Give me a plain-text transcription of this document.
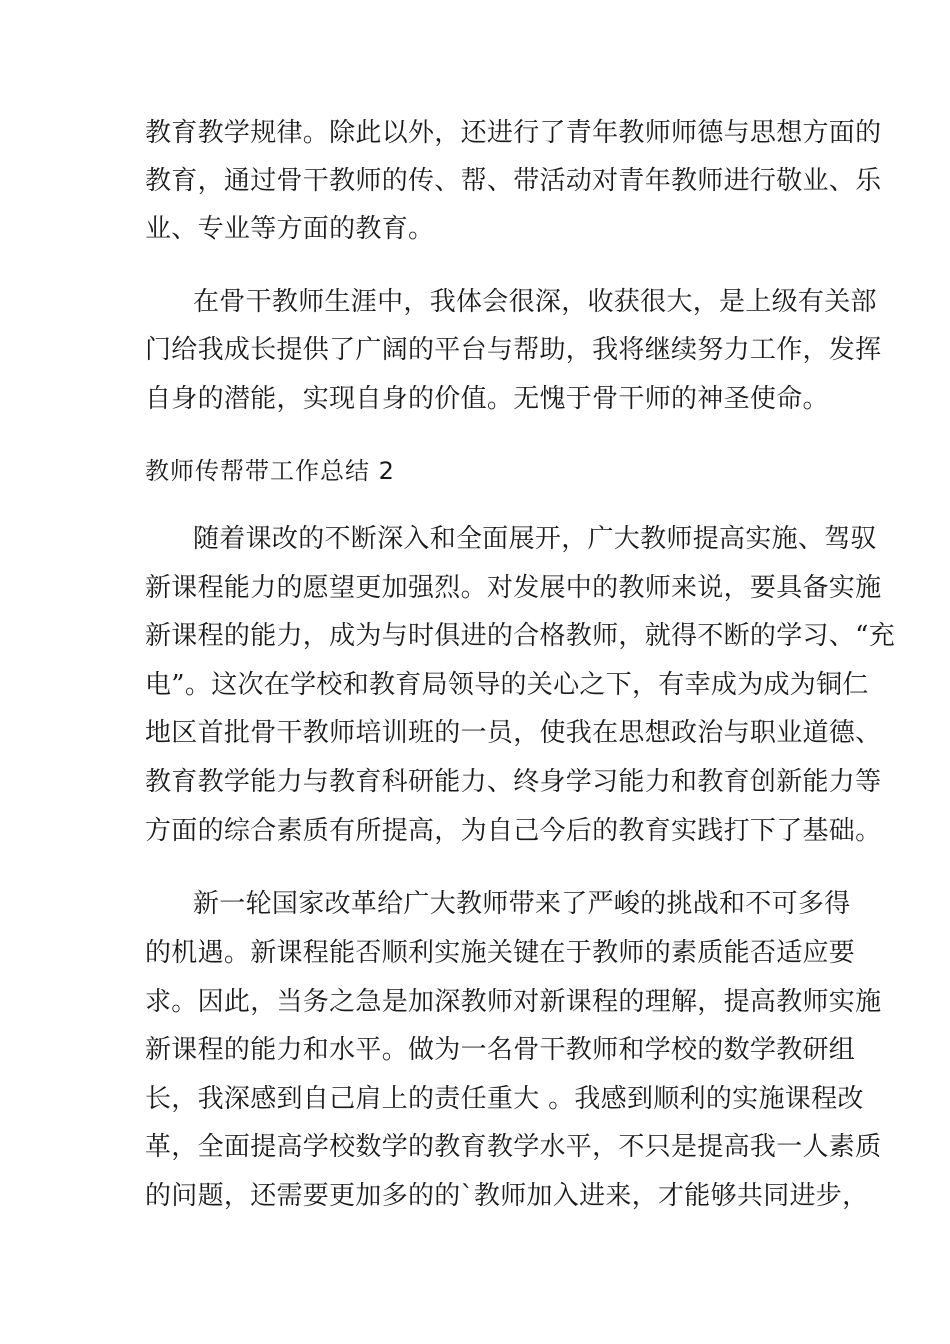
教育教学规律。除此以外，还进行了青年教师师德与思想方面的
教育，通过骨干教师的传、帮、带活动对青年教师进行敬业、乐
业、专业等方面的教育。
在骨干教师生涯中，我体会很深，收获很大，是上级有关部
门给我成长提供了广阔的平台与帮助，我将继续努力工作，发挥
自身的潜能，实现自身的价值。无愧于骨干师的神圣使命。
教师传帮带工作总结 2
随着课改的不断深入和全面展开，广大教师提高实施、驾驭
新课程能力的愿望更加强烈。对发展中的教师来说，要具备实施
新课程的能力，成为与时俱进的合格教师，就得不断的学习、“充
电”。这次在学校和教育局领导的关心之下，有幸成为成为铜仁
地区首批骨干教师培训班的一员，使我在思想政治与职业道德、
教育教学能力与教育科研能力、终身学习能力和教育创新能力等
方面的综合素质有所提高，为自己今后的教育实践打下了基础。
新一轮国家改革给广大教师带来了严峻的挑战和不可多得
的机遇。新课程能否顺利实施关键在于教师的素质能否适应要
求。因此，当务之急是加深教师对新课程的理解，提高教师实施
新课程的能力和水平。做为一名骨干教师和学校的数学教研组
长，我深感到自己肩上的责任重大 。我感到顺利的实施课程改
革，全面提高学校数学的教育教学水平，不只是提高我一人素质
的问题，还需要更加多的的`教师加入进来，才能够共同进步，
